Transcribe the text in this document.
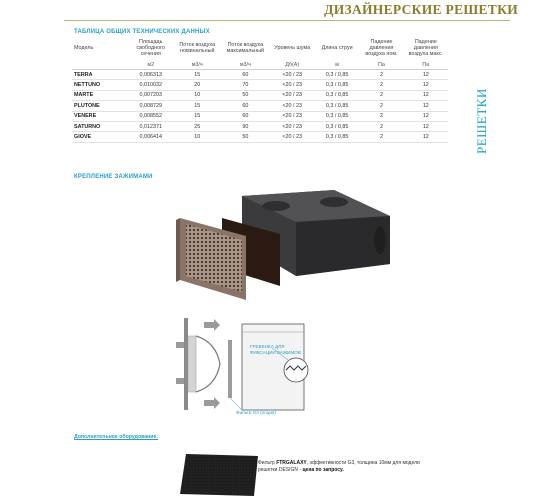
ДИЗАЙНЕРСКИЕ РЕШЕТКИ
РЕШЕТКИ
ТАБЛИЦА ОБЩИХ ТЕХНИЧЕСКИХ ДАННЫХ
Модель	Площадь свободного сечения	Поток воздуха номинальный	Поток воздуха максимальный	Уровень шума	Длина струи	Падение давления воздуха ном.	Падение давления воздуха макс.
	м2	м3/ч	м3/ч	Дб(А)	м	Па	Па
TERRA	0,006313	15	60	<20 / 23	0,3 / 0,85	2	12
NETTUNO	0,010032	20	70	<20 / 23	0,3 / 0,85	2	12
MARTE	0,007203	10	50	<20 / 23	0,3 / 0,85	2	12
PLUTONE	0,008729	15	60	<20 / 23	0,3 / 0,85	2	12
VENERE	0,008552	15	60	<20 / 23	0,3 / 0,85	2	12
SATURNO	0,012371	25	90	<20 / 23	0,3 / 0,85	2	12
GIOVE	0,006414	10	50	<20 / 23	0,3 / 0,85	2	12
КРЕПЛЕНИЕ ЗАЖИМАМИ
ГРЕБЕНКА ДЛЯ ФИКСАЦИИ ЗАЖИМОВ
Фильтр G3 (опция)
Дополнительное оборудование:
Фильтр FTRGALAXY, эффективности G3, толщина 10мм для модели решетки DESIGN - цена по запросу.
